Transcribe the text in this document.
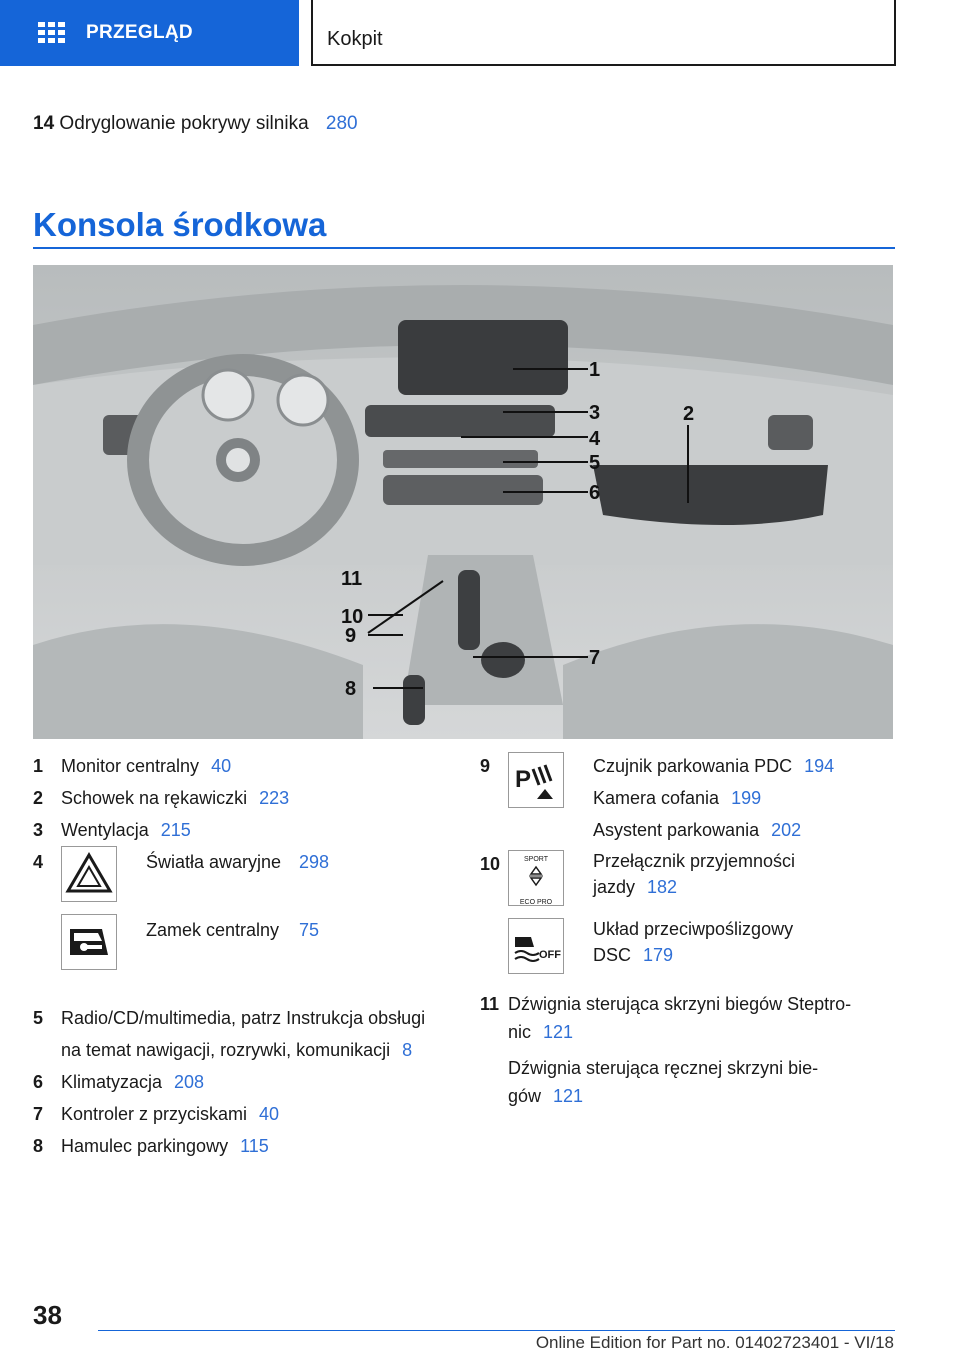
PRZEGLĄD	Kokpit
14 Odryglowanie pokrywy silnika 280
Konsola środkowa
1
2
3
4
5
6
7
8
9
10
11
1 Monitor centralny 40
2 Schowek na rękawiczki 223
3 Wentylacja 215
4	Światła awaryjne 298
Zamek centralny 75
5 Radio/CD/multimedia, patrz Instrukcja obsługi
na temat nawigacji, rozrywki, komunikacji 8
6 Klimatyzacja 208
7 Kontroler z przyciskami 40
8 Hamulec parkingowy 115
9 P	Czujnik parkowania PDC 194
Kamera cofania 199
Asystent parkowania 202
10	SPORT
ECO PRO
Przełącznik przyjemności
jazdy 182
OFF
Układ przeciwpoślizgowy
DSC 179
11 Dźwignia sterująca skrzyni biegów Steptro-
nic 121
Dźwignia sterująca ręcznej skrzyni bie-
gów 121
38
Online Edition for Part no. 01402723401 - VI/18
